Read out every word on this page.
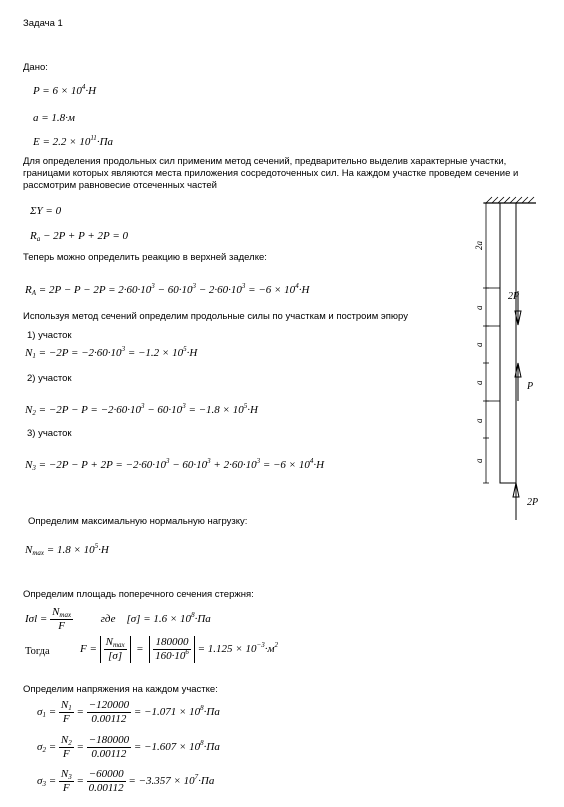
Задача 1
Дано:
$P = 6 \times 10^4\cdot Н$
a = 1.8·м
$E = 2.2 \times 10^{11}\cdot Па$
Для определения продольных сил применим метод сечений, предварительно выделив характерные участки, границами которых являются места приложения сосредоточенных сил. На каждом участке проведем сечение и рассмотрим равновесие отсеченных частей
ΣY = 0
$R_a - 2P + P + 2P = 0$
Теперь можно определить реакцию в верхней заделке:
$R_A = 2P - P - 2P = 2\cdot 60\cdot 10^3 - 60\cdot 10^3 - 2\cdot 60\cdot 10^3 = -6 \times 10^4\cdot Н$
Используя метод сечений определим продольные силы по участкам и построим эпюру
1) участок
$N_1 = -2P = -2\cdot 60\cdot 10^3 = -1.2 \times 10^5\cdot Н$
2) участок
$N_2 = -2P - P = -2\cdot 60\cdot 10^3 - 60\cdot 10^3 = -1.8 \times 10^5\cdot Н$
3) участок
$N_3 = -2P - P + 2P = -2\cdot 60\cdot 10^3 - 60\cdot 10^3 + 2\cdot 60\cdot 10^3 = -6 \times 10^4\cdot Н$
Определим максимальную нормальную нагрузку:
$N_{max} = 1.8 \times 10^5\cdot Н$
Определим площадь поперечного сечения стержня:
$I\sigma l = \frac{N_{max}}{F}$	где $[\sigma] = 1.6 \times 10^8\cdot Па$
Тогда	$F = \frac{N_{max}}{[\sigma]} = \frac{180000}{160\cdot 10^6} = 1.125 \times 10^{-3}\cdot м^2$
Определим напряжения на каждом участке:
$\sigma_1 = \frac{N_1}{F} = \frac{-120000}{0.00112} = -1.071 \times 10^8\cdot Па$
$\sigma_2 = \frac{N_2}{F} = \frac{-180000}{0.00112} = -1.607 \times 10^8\cdot Па$
$\sigma_3 = \frac{N_3}{F} = \frac{-60000}{0.00112} = -3.357 \times 10^7\cdot Па$
2a
a
a
a
a
a
2P
P
2P
